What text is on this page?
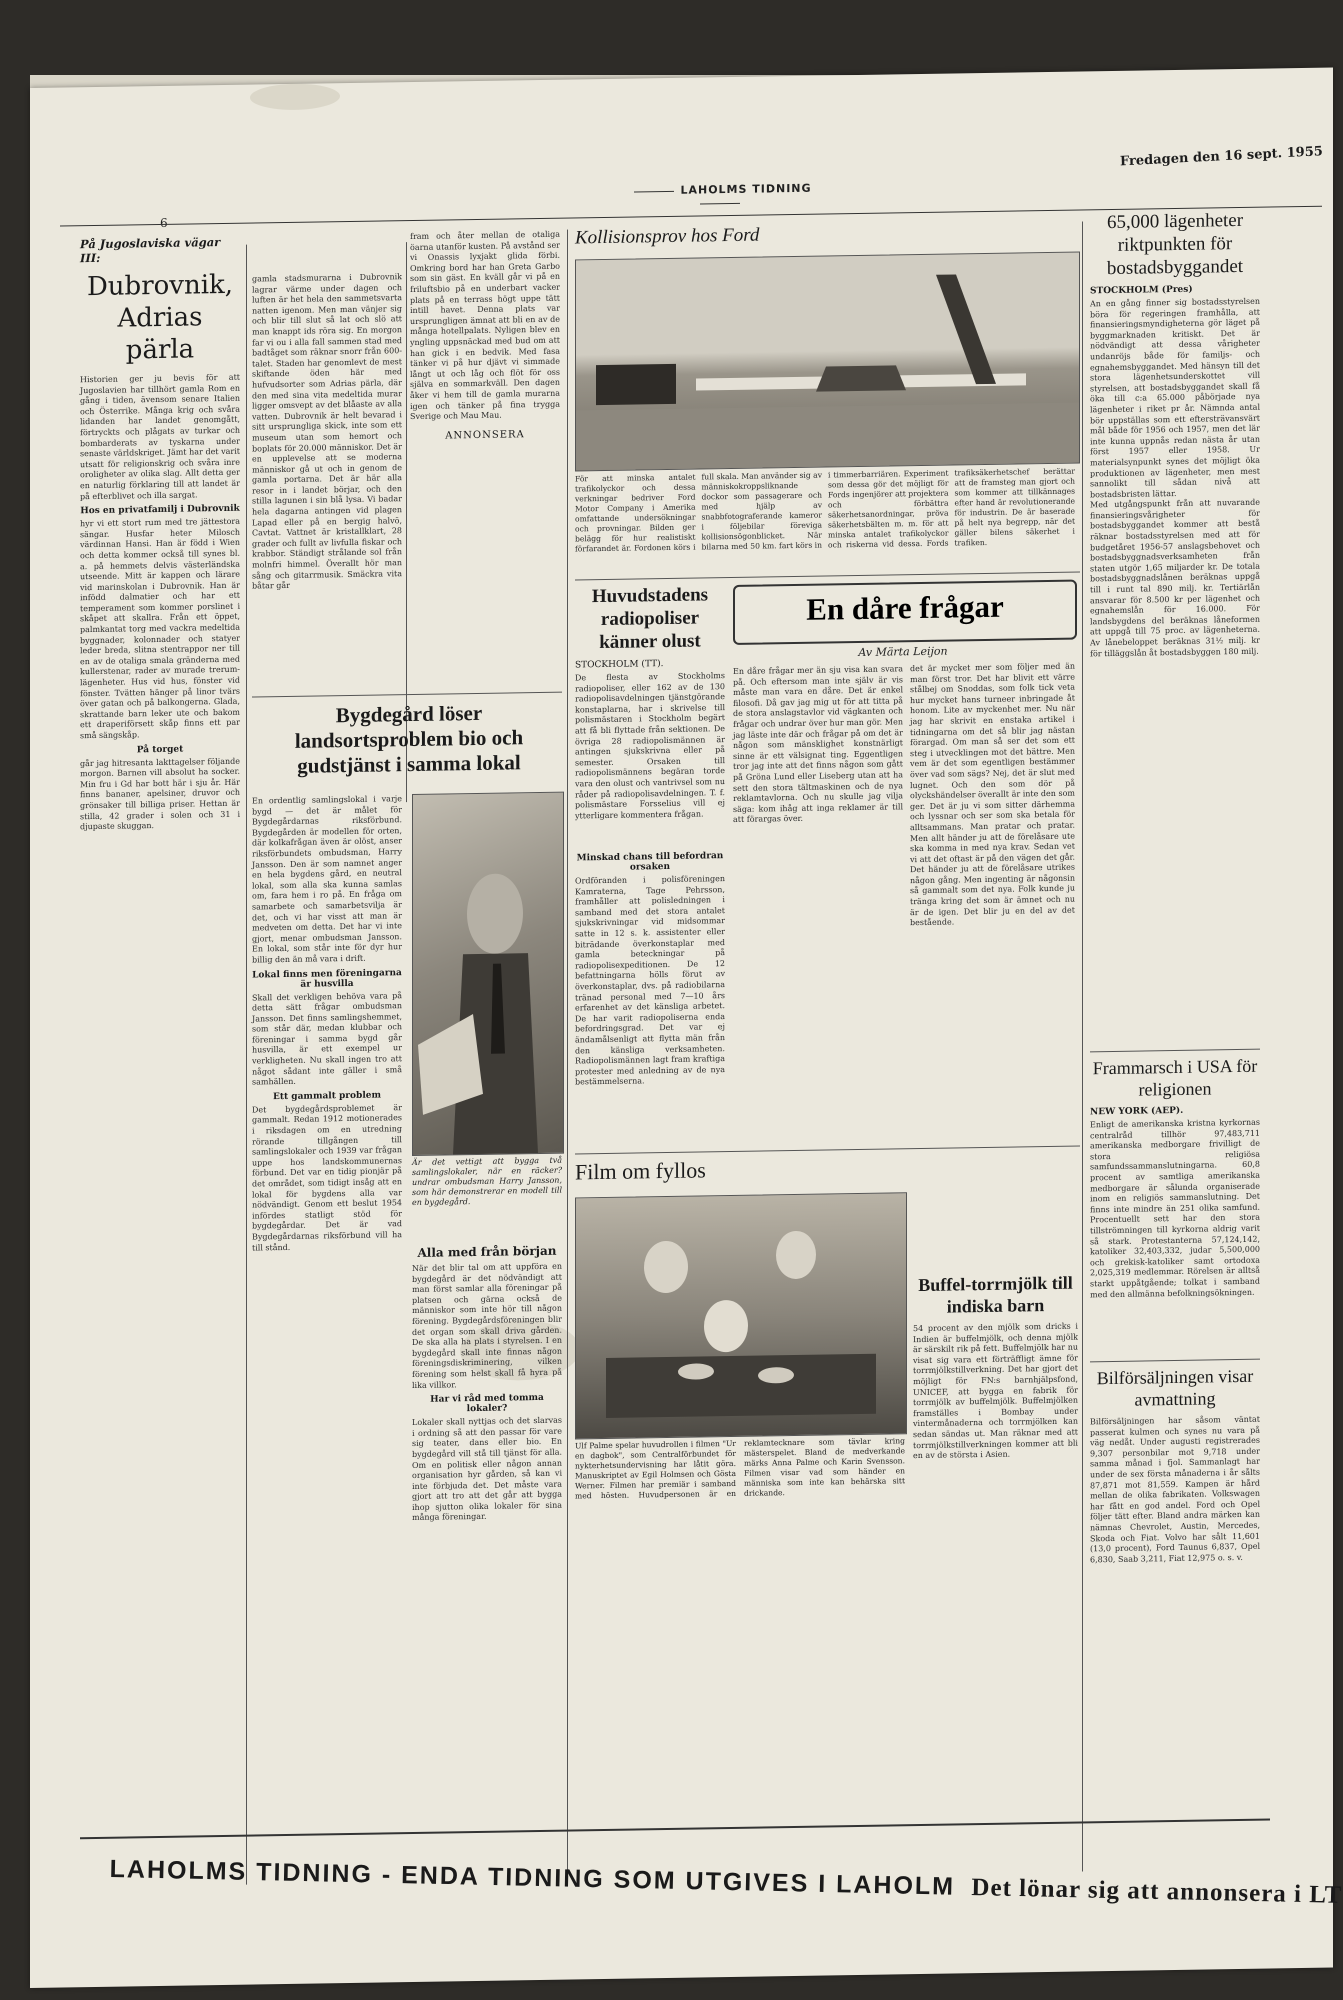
6
LAHOLMS TIDNING
Fredagen den 16 sept. 1955

På Jugoslaviska vägar III:

Dubrovnik, Adrias pärla

Historien ger ju bevis för att Jugoslavien har tillhört gamla Rom en gång i tiden, ävensom senare Italien och Österrike. Många krig och svåra lidanden har landet genomgått, förtryckts och plågats av turkar och bombarderats av tyskarna under senaste världskriget. Jämt har det varit utsatt för religionskrig och svåra inre oroligheter av olika slag. Allt detta ger en naturlig förklaring till att landet är på efterblivet och illa sargat.

Hos en privatfamilj i Dubrovnik

hyr vi ett stort rum med tre jättestora sängar. Husfar heter Milosch värdinnan Hansi. Han är född i Wien och detta kommer också till synes bl. a. på hemmets delvis västerländska utseende. Mitt är kappen och lärare vid marinskolan i Dubrovnik. Han är infödd dalmatier och har ett temperament som kommer porslinet i skåpet att skallra. Från ett öppet, palmkantat torg med vackra medeltida byggnader, kolonnader och statyer leder breda, slitna stentrappor ner till en av de otaliga smala gränderna med kullerstenar, rader av murade trerum-lägenheter. Hus vid hus, fönster vid fönster. Tvätten hänger på linor tvärs över gatan och på balkongerna. Glada, skrattande barn leker ute och bakom ett draperiförsett skåp finns ett par små sängskåp.

På torget

går jag hitresanta lakttagelser följande morgon. Barnen vill absolut ha socker. Min fru i Gd har bott här i sju år. Här finns bananer, apelsiner, druvor och grönsaker till billiga priser. Hettan är stilla, 42 grader i solen och 31 i djupaste skuggan.

gamla stadsmurarna i Dubrovnik lagrar värme under dagen och luften är het hela den sammetsvarta natten igenom. Men man vänjer sig och blir till slut så lat och slö att man knappt ids röra sig. En morgon far vi ou i alla fall sammen stad med badtåget som räknar snorr från 600-talet. Staden har genomlevt de mest skiftande öden här med hufvudsorter som Adrias pärla, där den med sina vita medeltida murar ligger omsvept av det blåaste av alla vatten. Dubrovnik är helt bevarad i sitt ursprungliga skick, inte som ett museum utan som hemort och boplats för 20.000 människor. Det är en upplevelse att se moderna människor gå ut och in genom de gamla portarna. Det är här alla resor in i landet börjar, och den stilla lagunen i sin blå lysa. Vi badar hela dagarna antingen vid plagen Lapad eller på en bergig halvö, Cavtat. Vattnet är kristallklart, 28 grader och fullt av livfulla fiskar och krabbor. Ständigt strålande sol från molnfri himmel. Överallt hör man sång och gitarrmusik. Smäckra vita båtar går

fram och åter mellan de otaliga öarna utanför kusten. På avstånd ser vi Onassis lyxjakt glida förbi. Omkring bord har han Greta Garbo som sin gäst. En kväll går vi på en friluftsbio på en underbart vacker plats på en terrass högt uppe tätt intill havet. Denna plats var ursprungligen ämnat att bli en av de många hotellpalats. Nyligen blev en yngling uppsnäckad med bud om att han gick i en bedvik. Med fasa tänker vi på hur djävt vi simmade långt ut och låg och flöt för oss själva en sommarkväll. Den dagen åker vi hem till de gamla murarna igen och tänker på fina trygga Sverige och Mau Mau.

ANNONSERA

Bygdegård löser landsortsproblem bio och gudstjänst i samma lokal

En ordentlig samlingslokal i varje bygd — det är målet för Bygdegårdarnas riksförbund. Bygdegården är modellen för orten, där kolkafrågan även är olöst, anser riksförbundets ombudsman, Harry Jansson. Den är som namnet anger en hela bygdens gård, en neutral lokal, som alla ska kunna samlas om, fara hem i ro på. En fråga om samarbete och samarbetsvilja är det, och vi har visst att man är medveten om detta. Det har vi inte gjort, menar ombudsman Jansson. En lokal, som står inte för dyr hur billig den än må vara i drift.

Lokal finns men föreningarna är husvilla

Skall det verkligen behöva vara på detta sätt frågar ombudsman Jansson. Det finns samlingshemmet, som står där, medan klubbar och föreningar i samma bygd går husvilla, är ett exempel ur verkligheten. Nu skall ingen tro att något sådant inte gäller i små samhällen.

Ett gammalt problem

Det bygdegårdsproblemet är gammalt. Redan 1912 motionerades i riksdagen om en utredning rörande tillgången till samlingslokaler och 1939 var frågan uppe hos landskommunernas förbund. Det var en tidig pionjär på det området, som tidigt insåg att en lokal för bygdens alla var nödvändigt. Genom ett beslut 1954 infördes statligt stöd för bygdegårdar. Det är vad Bygdegårdarnas riksförbund vill ha till stånd.

Är det vettigt att bygga två samlingslokaler, när en räcker? undrar ombudsman Harry Jansson, som här demonstrerar en modell till en bygdegård.

Alla med från början

När det blir tal om att uppföra en bygdegård är det nödvändigt att man först samlar alla föreningar på platsen och gärna också de människor som inte hör till någon förening. Bygdegårdsföreningen blir det organ som skall driva gården. De ska alla ha plats i styrelsen. I en bygdegård skall inte finnas någon föreningsdiskriminering, vilken förening som helst skall få hyra på lika villkor.

Har vi råd med tomma lokaler?

Lokaler skall nyttjas och det slarvas i ordning så att den passar för vare sig teater, dans eller bio. En bygdegård vill stå till tjänst för alla. Om en politisk eller någon annan organisation hyr gården, så kan vi inte förbjuda det. Det måste vara gjort att tro att det går att bygga ihop sjutton olika lokaler för sina många föreningar.

Kollisionsprov hos Ford

För att minska antalet trafikolyckor och dessa verkningar bedriver Ford Motor Company i Amerika omfattande undersökningar och provningar. Bilden ger belägg för hur realistiskt förfarandet är. Fordonen körs i full skala. Man använder sig av människokroppsliknande dockor som passagerare och med hjälp av snabbfotograferande kameror i följebilar föreviga kollisionsögonblicket. När bilarna med 50 km. fart körs in i timmerbarriären. Experiment som dessa gör det möjligt för Fords ingenjörer att projektera och förbättra säkerhetsanordningar, pröva säkerhetsbälten m. m. för att minska antalet trafikolyckor och riskerna vid dessa. Fords trafiksäkerhetschef berättar att de framsteg man gjort och som kommer att tillkännages efter hand är revolutionerande för industrin. De är baserade på helt nya begrepp, när det gäller bilens säkerhet i trafiken.

Huvudstadens radiopoliser känner olust

STOCKHOLM (TT).

De flesta av Stockholms radiopoliser, eller 162 av de 130 radiopolisavdelningen tjänstgörande konstaplarna, har i skrivelse till polismästaren i Stockholm begärt att få bli flyttade från sektionen. De övriga 28 radiopolismännen är antingen sjukskrivna eller på semester. Orsaken till radiopolismännens begäran torde vara den olust och vantrivsel som nu råder på radiopolisavdelningen. T. f. polismästare Forsselius vill ej ytterligare kommentera frågan.

En dåre frågar
Av Märta Leijon

Minskad chans till befordran orsaken

Ordföranden i polisföreningen Kamraterna, Tage Pehrsson, framhåller att polisledningen i samband med det stora antalet sjukskrivningar vid midsommar satte in 12 s. k. assistenter eller biträdande överkonstaplar med gamla beteckningar på radiopolisexpeditionen. De 12 befattningarna hölls förut av överkonstaplar, dvs. på radiobilarna tränad personal med 7—10 års erfarenhet av det känsliga arbetet. De har varit radiopoliserna enda befordringsgrad. Det var ej ändamålsenligt att flytta män från den känsliga verksamheten. Radiopolismännen lagt fram kraftiga protester med anledning av de nya bestämmelserna.

En dåre frågar mer än sju visa kan svara på. Och eftersom man inte själv är vis måste man vara en dåre. Det är enkel filosofi. Då gav jag mig ut för att titta på de stora anslagstavlor vid vägkanten och frågar och undrar över hur man gör. Men jag läste inte där och frågar på om det är någon som mänsklighet konstnärligt sinne är ett välsignat ting. Eggentligen tror jag inte att det finns någon som gått på Gröna Lund eller Liseberg utan att ha sett den stora tältmaskinen och de nya reklamtavlorna. Och nu skulle jag vilja säga: kom ihåg att inga reklamer är till att förargas över.

det är mycket mer som följer med än man först tror. Det har blivit ett värre stålbej om Snoddas, som folk tick veta hur mycket hans turneer inbringade åt honom. Lite av myckenhet mer. Nu när jag har skrivit en enstaka artikel i tidningarna om det så blir jag nästan förargad. Om man så ser det som ett steg i utvecklingen mot det bättre. Men vem är det som egentligen bestämmer över vad som sägs? Nej, det är slut med lugnet. Och den som dör på olyckshändelser överallt är inte den som ger. Det är ju vi som sitter därhemma och lyssnar och ser som ska betala för alltsammans. Man pratar och pratar. Men allt händer ju att de förelåsare ute ska komma in med nya krav. Sedan vet vi att det oftast är på den vägen det går. Det händer ju att de förelåsare utrikes någon gång. Men ingenting är någonsin så gammalt som det nya. Folk kunde ju tränga kring det som är ämnet och nu är de igen. Det blir ju en del av det bestående.

Film om fyllos

Ulf Palme spelar huvudrollen i filmen "Ur en dagbok", som Centralförbundet för nykterhetsundervisning har låtit göra. Manuskriptet av Egil Holmsen och Gösta Werner. Filmen har premiär i samband med hösten. Huvudpersonen är en reklamtecknare som tävlar kring mästerspelet. Bland de medverkande märks Anna Palme och Karin Svensson. Filmen visar vad som händer en människa som inte kan behärska sitt drickande.

Buffel-torrmjölk till indiska barn

54 procent av den mjölk som dricks i Indien är buffelmjölk, och denna mjölk är särskilt rik på fett. Buffelmjölk har nu visat sig vara ett förträffligt ämne för torrmjölkstillverkning. Det har gjort det möjligt för FN:s barnhjälpsfond, UNICEF, att bygga en fabrik för torrmjölk av buffelmjölk. Buffelmjölken framställes i Bombay under vintermånaderna och torrmjölken kan sedan sändas ut. Man räknar med att torrmjölkstillverkningen kommer att bli en av de största i Asien.

65,000 lägenheter riktpunkten för bostadsbyggandet

STOCKHOLM (Pres)

An en gång finner sig bostadsstyrelsen böra för regeringen framhålla, att finansieringsmyndigheterna gör läget på byggmarknaden kritiskt. Det är nödvändigt att dessa vårigheter undanröjs både för familjs- och egnahemsbyggandet. Med hänsyn till det stora lägenhetsunderskottet vill styrelsen, att bostadsbyggandet skall få öka till c:a 65.000 påbörjade nya lägenheter i riket pr år. Nämnda antal bör uppställas som ett eftersträvansvärt mål både för 1956 och 1957, men det lär inte kunna uppnås redan nästa år utan först 1957 eller 1958. Ur materialsynpunkt synes det möjligt öka produktionen av lägenheter, men mest sannolikt till sådan nivå att bostadsbristen lättar.

Med utgångspunkt från att nuvarande finansieringsvårigheter för bostadsbyggandet kommer att bestå räknar bostadsstyrelsen med att för budgetåret 1956-57 anslagsbehovet och bostadsbyggnadsverksamheten från staten utgör 1,65 miljarder kr. De totala bostadsbyggnadslånen beräknas uppgå till i runt tal 890 milj. kr. Tertiärlån ansvarar för 8.500 kr per lägenhet och egnahemslån för 16.000. För landsbygdens del beräknas låneformen att uppgå till 75 proc. av lägenheterna. Av lånebeloppet beräknas 31½ milj. kr för tilläggslån åt bostadsbyggen 180 milj.

Frammarsch i USA för religionen

NEW YORK (AEP).

Enligt de amerikanska kristna kyrkornas centralråd tillhör 97,483,711 amerikanska medborgare frivilligt de stora religiösa samfundssammanslutningarna. 60,8 procent av samtliga amerikanska medborgare är sålunda organiserade inom en religiös sammanslutning. Det finns inte mindre än 251 olika samfund. Procentuellt sett har den stora tillströmningen till kyrkorna aldrig varit så stark. Protestanterna 57,124,142, katoliker 32,403,332, judar 5,500,000 och grekisk-katoliker samt ortodoxa 2,025,319 medlemmar. Rörelsen är alltså starkt uppåtgående; tolkat i samband med den allmänna befolkningsökningen.

Bilförsäljningen visar avmattning

Bilförsäljningen har såsom väntat passerat kulmen och synes nu vara på väg nedåt. Under augusti registrerades 9,307 personbilar mot 9,718 under samma månad i fjol. Sammanlagt har under de sex första månaderna i år sålts 87,871 mot 81,559. Kampen är hård mellan de olika fabrikaten. Volkswagen har fått en god andel. Ford och Opel följer tätt efter. Bland andra märken kan nämnas Chevrolet, Austin, Mercedes, Skoda och Fiat. Volvo har sålt 11,601 (13,0 procent), Ford Taunus 6,837, Opel 6,830, Saab 3,211, Fiat 12,975 o. s. v.

LAHOLMS TIDNING - ENDA TIDNING SOM UTGIVES I LAHOLM Det lönar sig att annonsera i LT
